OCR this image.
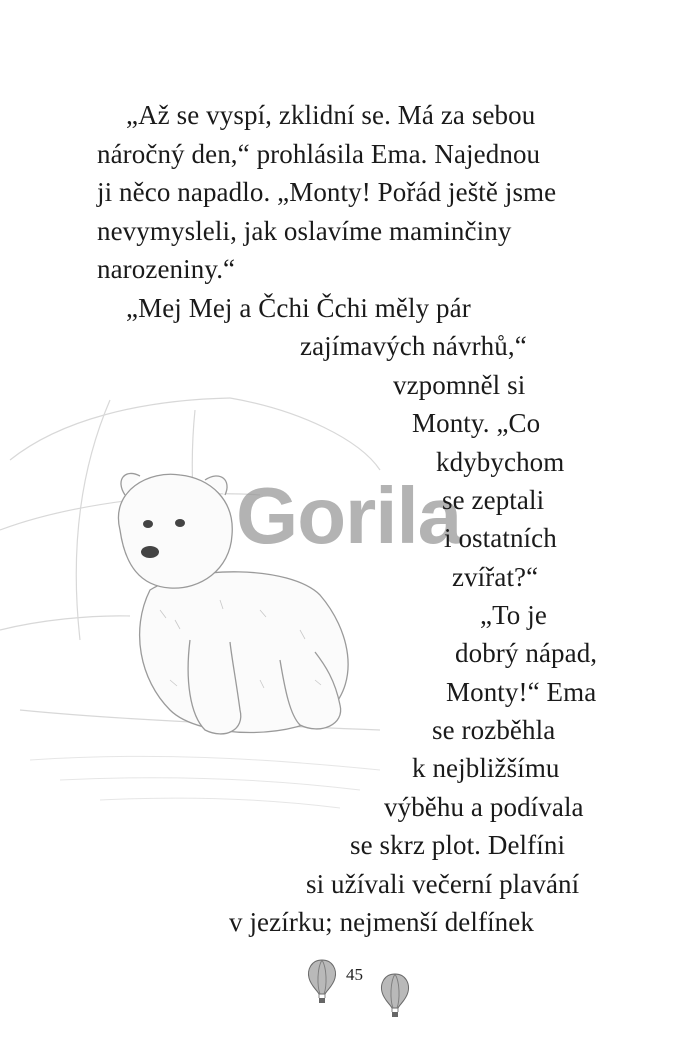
Gorila
„Až se vyspí, zklidní se. Má za sebou
náročný den,“ prohlásila Ema. Najednou
ji něco napadlo. „Monty! Pořád ještě jsme
nevymysleli, jak oslavíme maminčiny
narozeniny.“
„Mej Mej a Čchi Čchi měly pár
zajímavých návrhů,“
vzpomněl si
Monty. „Co
kdybychom
se zeptali
i ostatních
zvířat?“
„To je
dobrý nápad,
Monty!“ Ema
se rozběhla
k nejbližšímu
výběhu a podívala
se skrz plot. Delfíni
si užívali večerní plavání
v jezírku; nejmenší delfínek
45
